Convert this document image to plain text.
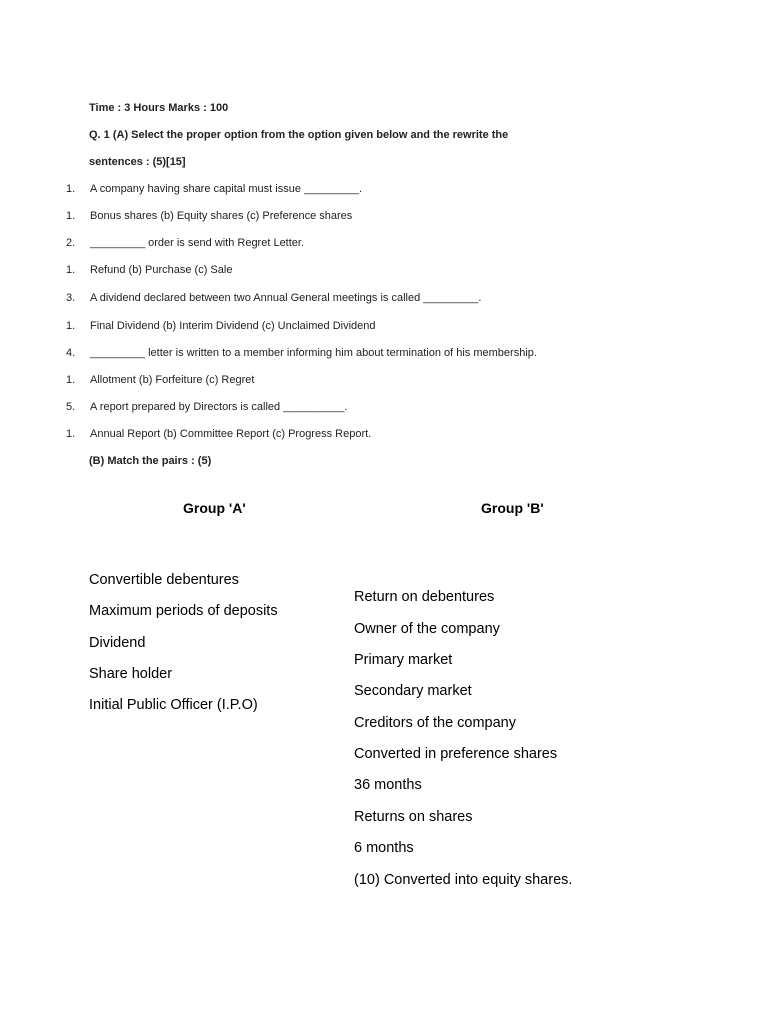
Time : 3 Hours Marks : 100
Q. 1 (A) Select the proper option from the option given below and the rewrite the
sentences : (5)[15]
1. A company having share capital must issue _________.
1. Bonus shares (b) Equity shares (c) Preference shares
2. _________ order is send with Regret Letter.
1. Refund (b) Purchase (c) Sale
3. A dividend declared between two Annual General meetings is called _________.
1. Final Dividend (b) Interim Dividend (c) Unclaimed Dividend
4. _________ letter is written to a member informing him about termination of his membership.
1. Allotment (b) Forfeiture (c) Regret
5. A report prepared by Directors is called __________.
1. Annual Report (b) Committee Report (c) Progress Report.
(B) Match the pairs : (5)
Group 'A'	Group 'B'
Convertible debentures
Maximum periods of deposits
Dividend
Share holder
Initial Public Officer (I.P.O)
Return on debentures
Owner of the company
Primary market
Secondary market
Creditors of the company
Converted in preference shares
36 months
Returns on shares
6 months
(10) Converted into equity shares.
